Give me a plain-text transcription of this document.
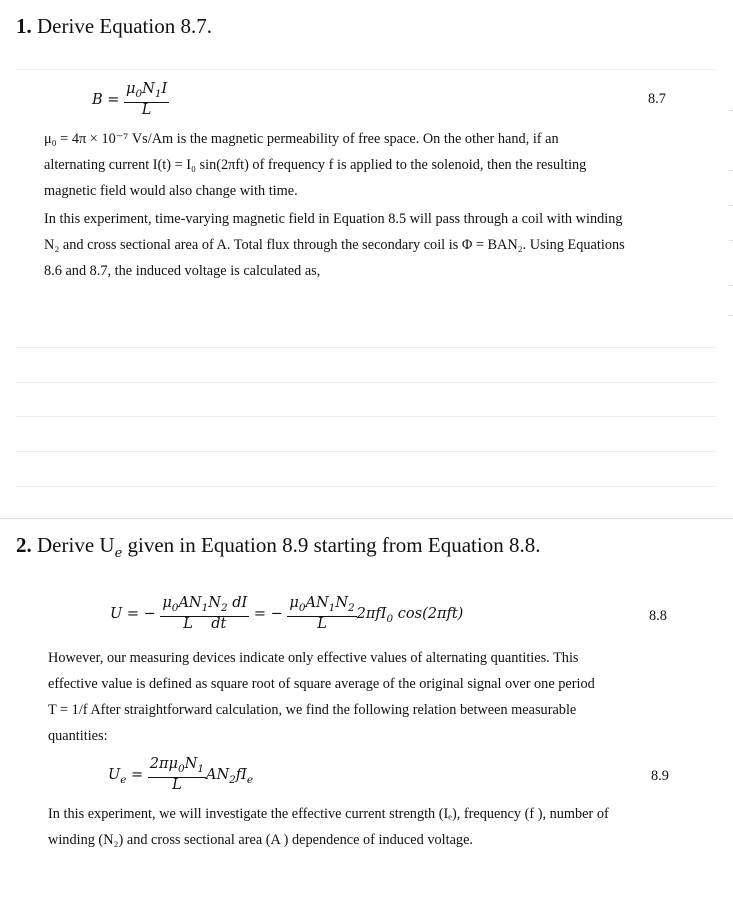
1. Derive Equation 8.7.
$B = \frac{\mu_0N_1I}{L}$	8.7
μ₀ = 4π × 10⁻⁷ Vs/Am is the magnetic permeability of free space. On the other hand, if an
alternating current I(t) = I₀ sin(2πft) of frequency f is applied to the solenoid, then the resulting
magnetic field would also change with time.
In this experiment, time-varying magnetic field in Equation 8.5 will pass through a coil with winding
N₂ and cross sectional area of A. Total flux through the secondary coil is Φ = BAN₂. Using Equations
8.6 and 8.7, the induced voltage is calculated as,
2. Derive $U_e$ given in Equation 8.9 starting from Equation 8.8.
U = − $\frac{\mu_0AN_1N_2 dI}{\text{L    dt}}$ = − $\frac{\mu_0AN_1N_2}{L} 2\pi fI_0$ cos(2πft)	8.8
However, our measuring devices indicate only effective values of alternating quantities. This
effective value is defined as square root of square average of the original signal over one period
T = 1/f After straightforward calculation, we find the following relation between measurable
quantities:
$U_e = \frac{2\pi\mu_0N_1}{L} AN_2fI_e$	8.9
In this experiment, we will investigate the effective current strength (Iₑ), frequency (f ), number of
winding (N₂) and cross sectional area (A ) dependence of induced voltage.
